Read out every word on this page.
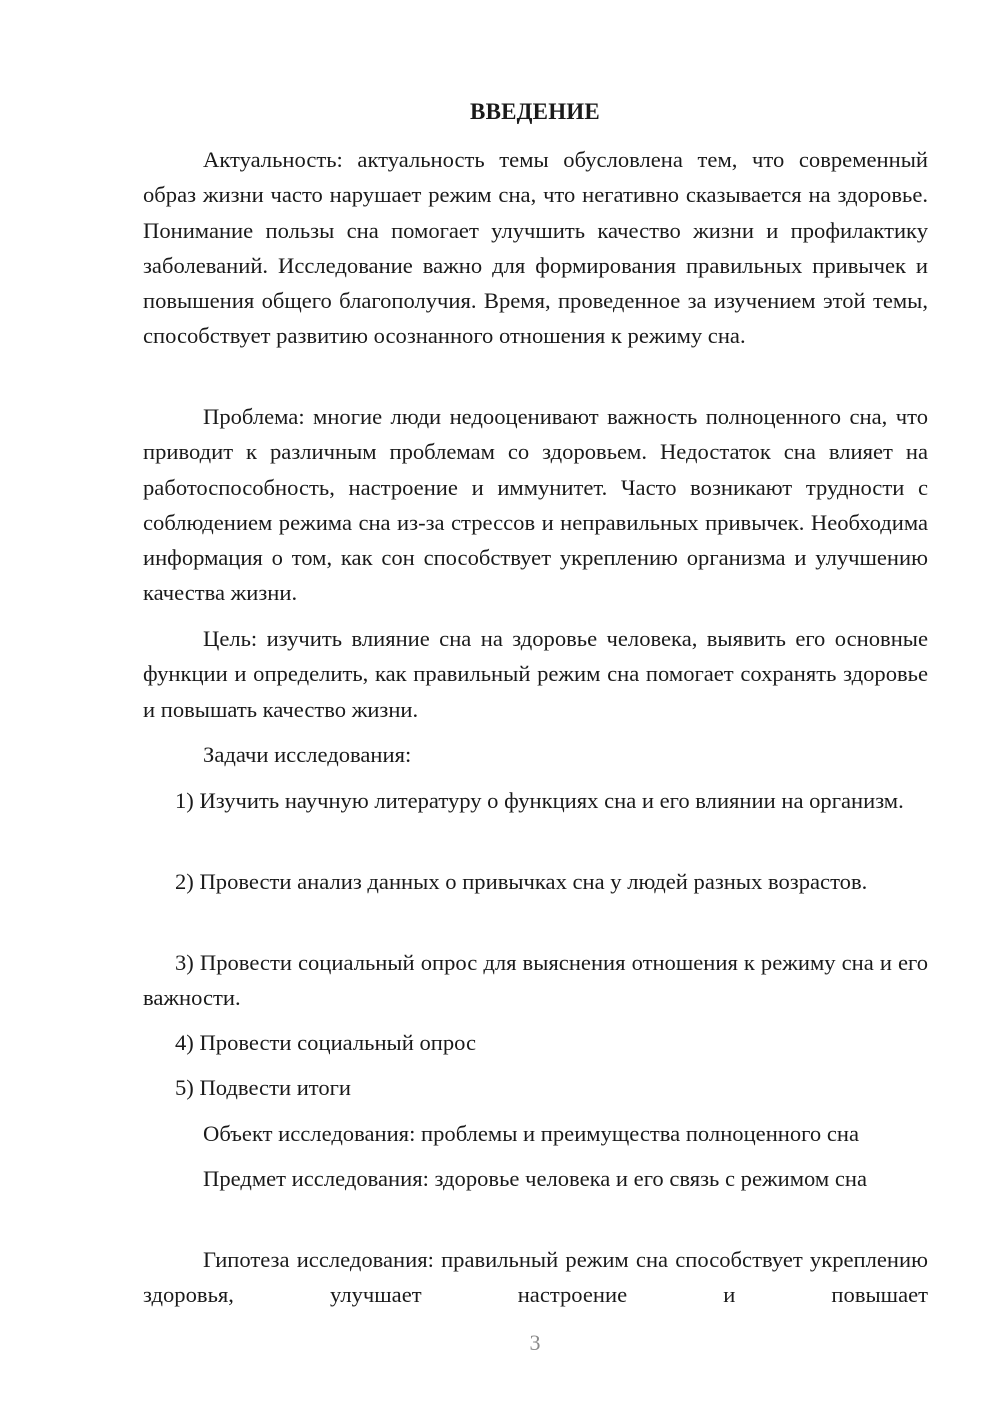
ВВЕДЕНИЕ

Актуальность: актуальность темы обусловлена тем, что современный образ жизни часто нарушает режим сна, что негативно сказывается на здоровье. Понимание пользы сна помогает улучшить качество жизни и профилактику заболеваний. Исследование важно для формирования правильных привычек и повышения общего благополучия. Время, проведенное за изучением этой темы, способствует развитию осознанного отношения к режиму сна.

Проблема: многие люди недооценивают важность полноценного сна, что приводит к различным проблемам со здоровьем. Недостаток сна влияет на работоспособность, настроение и иммунитет. Часто возникают трудности с соблюдением режима сна из-за стрессов и неправильных привычек. Необходима информация о том, как сон способствует укреплению организма и улучшению качества жизни.

Цель: изучить влияние сна на здоровье человека, выявить его основные функции и определить, как правильный режим сна помогает сохранять здоровье и повышать качество жизни.

Задачи исследования:

1) Изучить научную литературу о функциях сна и его влиянии на организм.

2) Провести анализ данных о привычках сна у людей разных возрастов.

3) Провести социальный опрос для выяснения отношения к режиму сна и его важности.

4) Провести социальный опрос

5) Подвести итоги

Объект исследования: проблемы и преимущества полноценного сна

Предмет исследования: здоровье человека и его связь с режимом сна

Гипотеза исследования: правильный режим сна способствует укреплению здоровья, улучшает настроение и повышает

3
